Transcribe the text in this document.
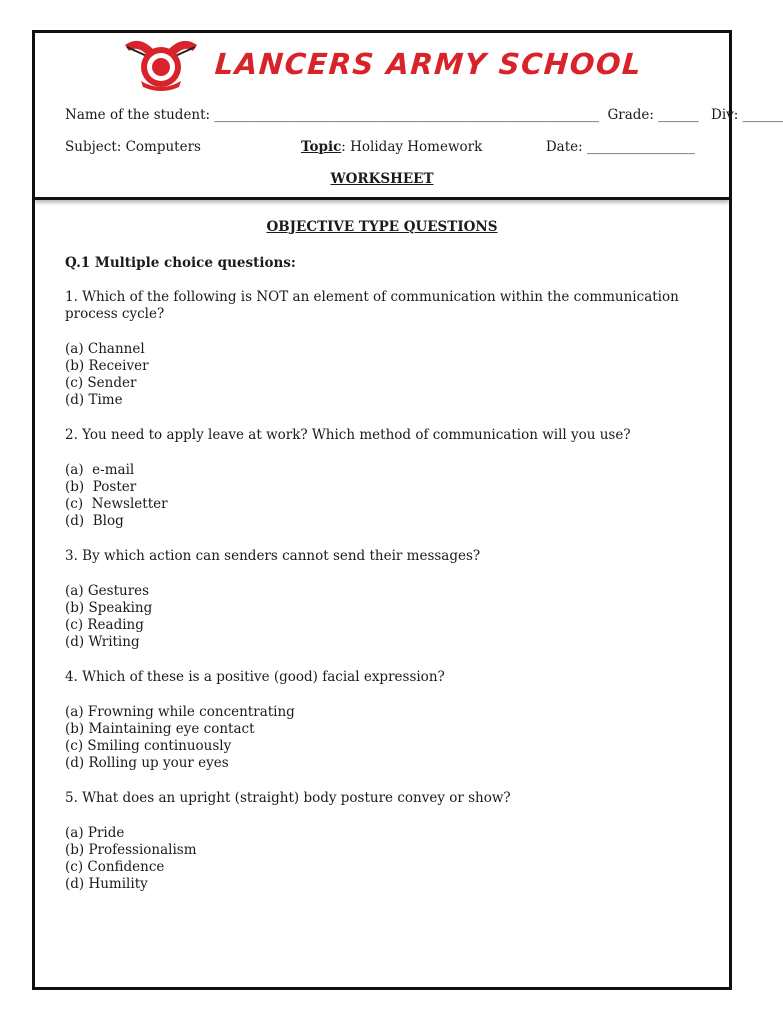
LANCERS ARMY SCHOOL
Name of the student: _________________________________________________________ Grade: ______ Div: ______
Subject: Computers	Topic: Holiday Homework	Date: ________________
WORKSHEET
OBJECTIVE TYPE QUESTIONS
Q.1 Multiple choice questions:
1. Which of the following is NOT an element of communication within the communication process cycle?
(a) Channel
(b) Receiver
(c) Sender
(d) Time
2. You need to apply leave at work? Which method of communication will you use?
(a)  e-mail
(b)  Poster
(c)  Newsletter
(d)  Blog
3. By which action can senders cannot send their messages?
(a) Gestures
(b) Speaking
(c) Reading
(d) Writing
4. Which of these is a positive (good) facial expression?
(a) Frowning while concentrating
(b) Maintaining eye contact
(c) Smiling continuously
(d) Rolling up your eyes
5. What does an upright (straight) body posture convey or show?
(a) Pride
(b) Professionalism
(c) Confidence
(d) Humility
